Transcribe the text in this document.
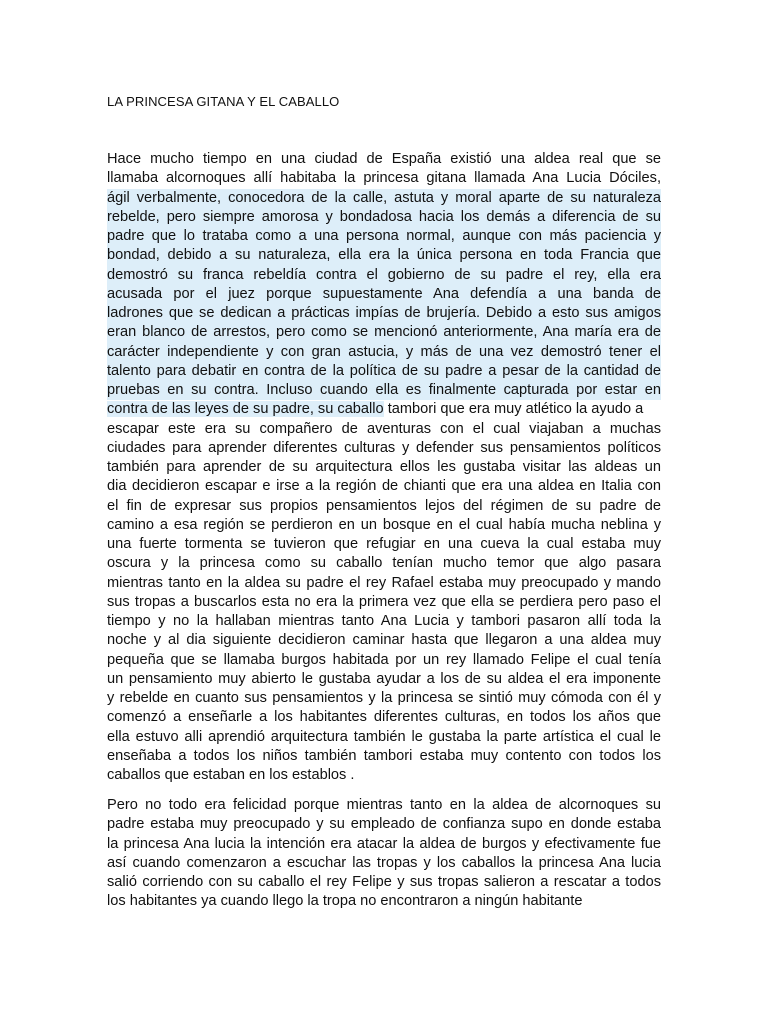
LA PRINCESA GITANA Y EL CABALLO
Hace mucho tiempo en una ciudad de España existió una aldea real que se
llamaba alcornoques allí habitaba la princesa gitana llamada Ana Lucia Dóciles,
ágil verbalmente, conocedora de la calle, astuta y moral aparte de su naturaleza
rebelde, pero siempre amorosa y bondadosa hacia los demás a diferencia de su
padre que lo trataba como a una persona normal, aunque con más paciencia y
bondad, debido a su naturaleza, ella era la única persona en toda Francia que
demostró su franca rebeldía contra el gobierno de su padre el rey, ella era
acusada por el juez porque supuestamente Ana defendía a una banda de
ladrones que se dedican a prácticas impías de brujería. Debido a esto sus amigos
eran blanco de arrestos, pero como se mencionó anteriormente, Ana maría era de
carácter independiente y con gran astucia, y más de una vez demostró tener el
talento para debatir en contra de la política de su padre a pesar de la cantidad de
pruebas en su contra. Incluso cuando ella es finalmente capturada por estar en
contra de las leyes de su padre, su caballo tambori que era muy atlético la ayudo a
escapar este era su compañero de aventuras con el cual viajaban a muchas
ciudades para aprender diferentes culturas y defender sus pensamientos políticos
también para aprender de su arquitectura ellos les gustaba visitar las aldeas un
dia decidieron escapar e irse a la región de chianti que era una aldea en Italia con
el fin de expresar sus propios pensamientos lejos del régimen de su padre de
camino a esa región se perdieron en un bosque en el cual había mucha neblina y
una fuerte tormenta se tuvieron que refugiar en una cueva la cual estaba muy
oscura y la princesa como su caballo tenían mucho temor que algo pasara
mientras tanto en la aldea su padre el rey Rafael estaba muy preocupado y mando
sus tropas a buscarlos esta no era la primera vez que ella se perdiera pero paso el
tiempo y no la hallaban mientras tanto Ana Lucia y tambori pasaron allí toda la
noche y al dia siguiente decidieron caminar hasta que llegaron a una aldea muy
pequeña que se llamaba burgos habitada por un rey llamado Felipe el cual tenía
un pensamiento muy abierto le gustaba ayudar a los de su aldea el era imponente
y rebelde en cuanto sus pensamientos y la princesa se sintió muy cómoda con él y
comenzó a enseñarle a los habitantes diferentes culturas, en todos los años que
ella estuvo alli aprendió arquitectura también le gustaba la parte artística el cual le
enseñaba a todos los niños también tambori estaba muy contento con todos los
caballos que estaban en los establos .
Pero no todo era felicidad porque mientras tanto en la aldea de alcornoques su
padre estaba muy preocupado y su empleado de confianza supo en donde estaba
la princesa Ana lucia la intención era atacar la aldea de burgos y efectivamente fue
así cuando comenzaron a escuchar las tropas y los caballos la princesa Ana lucia
salió corriendo con su caballo el rey Felipe y sus tropas salieron a rescatar a todos
los habitantes ya cuando llego la tropa no encontraron a ningún habitante
